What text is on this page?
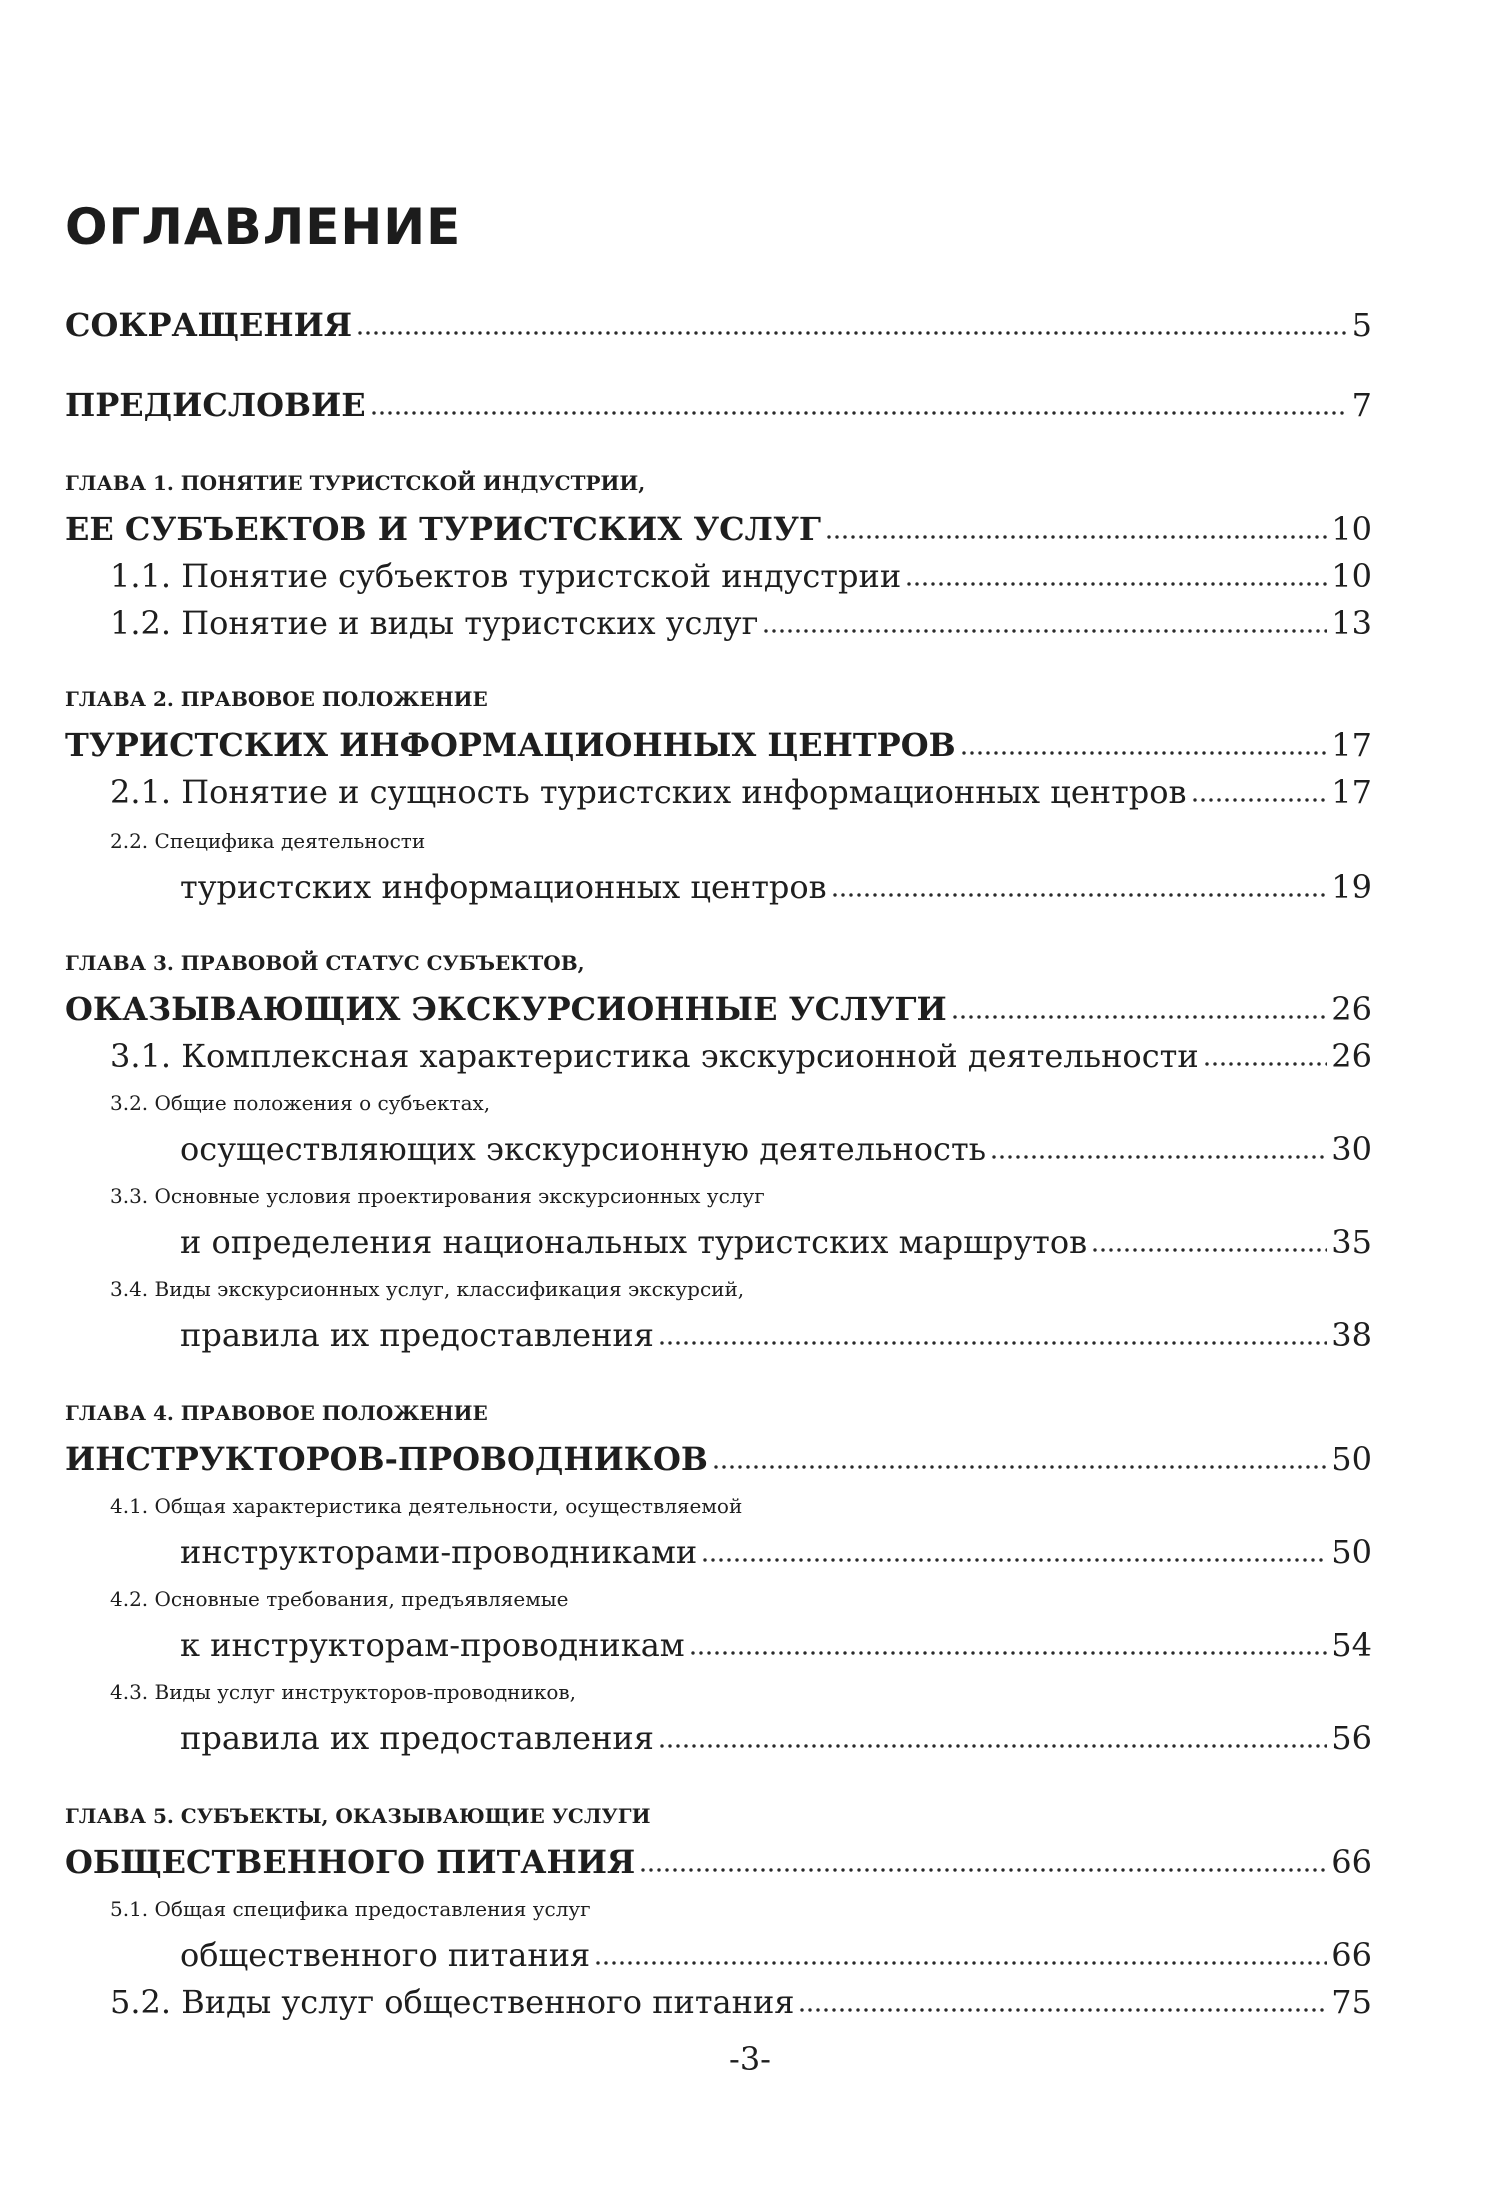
ОГЛАВЛЕНИЕ
СОКРАЩЕНИЯ	5
ПРЕДИСЛОВИЕ	7
ГЛАВА 1. ПОНЯТИЕ ТУРИСТСКОЙ ИНДУСТРИИ,
ЕЕ СУБЪЕКТОВ И ТУРИСТСКИХ УСЛУГ	10
1.1. Понятие субъектов туристской индустрии	10
1.2. Понятие и виды туристских услуг	13
ГЛАВА 2. ПРАВОВОЕ ПОЛОЖЕНИЕ
ТУРИСТСКИХ ИНФОРМАЦИОННЫХ ЦЕНТРОВ	17
2.1. Понятие и сущность туристских информационных центров	17
2.2. Специфика деятельности
туристских информационных центров	19
ГЛАВА 3. ПРАВОВОЙ СТАТУС СУБЪЕКТОВ,
ОКАЗЫВАЮЩИХ ЭКСКУРСИОННЫЕ УСЛУГИ	26
3.1. Комплексная характеристика экскурсионной деятельности	26
3.2. Общие положения о субъектах,
осуществляющих экскурсионную деятельность	30
3.3. Основные условия проектирования экскурсионных услуг
и определения национальных туристских маршрутов	35
3.4. Виды экскурсионных услуг, классификация экскурсий,
правила их предоставления	38
ГЛАВА 4. ПРАВОВОЕ ПОЛОЖЕНИЕ
ИНСТРУКТОРОВ-ПРОВОДНИКОВ	50
4.1. Общая характеристика деятельности, осуществляемой
инструкторами-проводниками	50
4.2. Основные требования, предъявляемые
к инструкторам-проводникам	54
4.3. Виды услуг инструкторов-проводников,
правила их предоставления	56
ГЛАВА 5. СУБЪЕКТЫ, ОКАЗЫВАЮЩИЕ УСЛУГИ
ОБЩЕСТВЕННОГО ПИТАНИЯ	66
5.1. Общая специфика предоставления услуг
общественного питания	66
5.2. Виды услуг общественного питания	75
-3-
